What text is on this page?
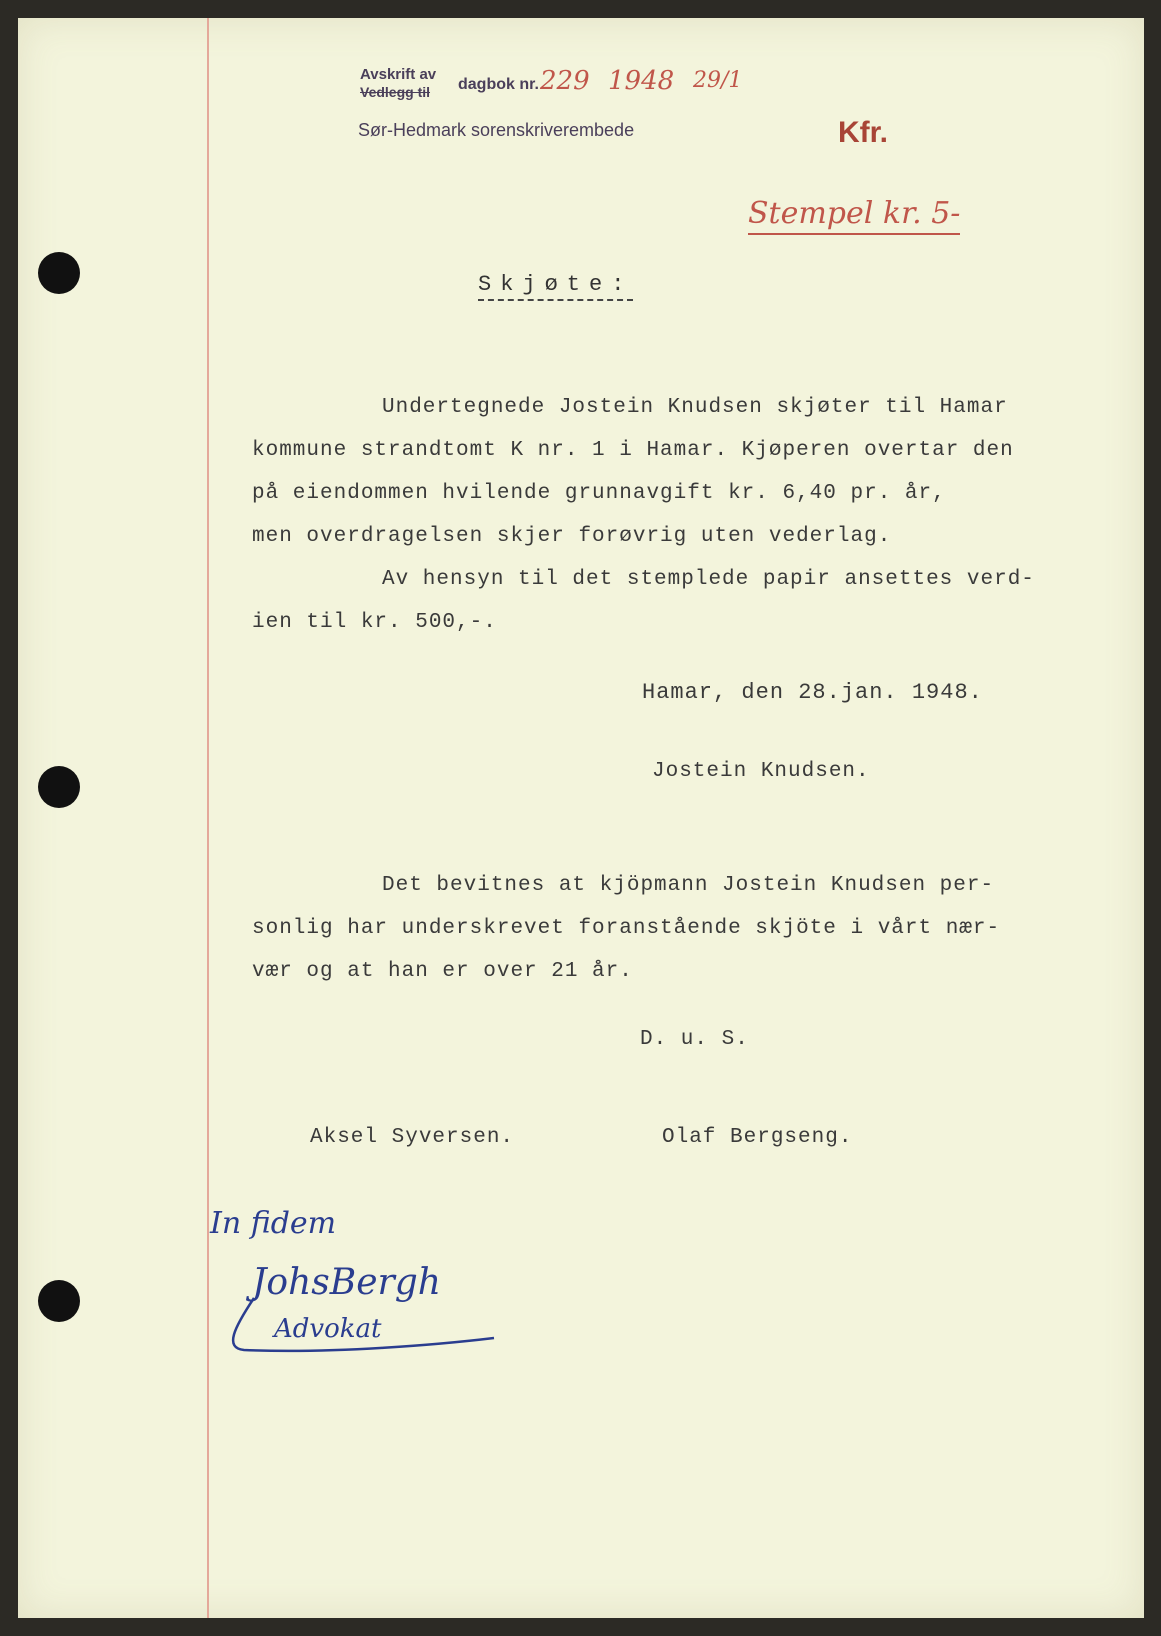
Avskrift av
Vedlegg til dagbok nr. 229 1948 29/1
Sør-Hedmark sorenskriverembede	Kfr.
Stempel kr. 5-
Skjøte:
Undertegnede Jostein Knudsen skjøter til Hamar
kommune strandtomt K nr. 1 i Hamar. Kjøperen overtar den
på eiendommen hvilende grunnavgift kr. 6,40 pr. år,
men overdragelsen skjer forøvrig uten vederlag.
Av hensyn til det stemplede papir ansettes verd-
ien til kr. 500,-.
Hamar, den 28.jan. 1948.
Jostein Knudsen.
Det bevitnes at kjöpmann Jostein Knudsen per-
sonlig har underskrevet foranstående skjöte i vårt nær-
vær og at han er over 21 år.
D. u. S.
Aksel Syversen.	Olaf Bergseng.
In fidem
JohsBergh
Advokat
